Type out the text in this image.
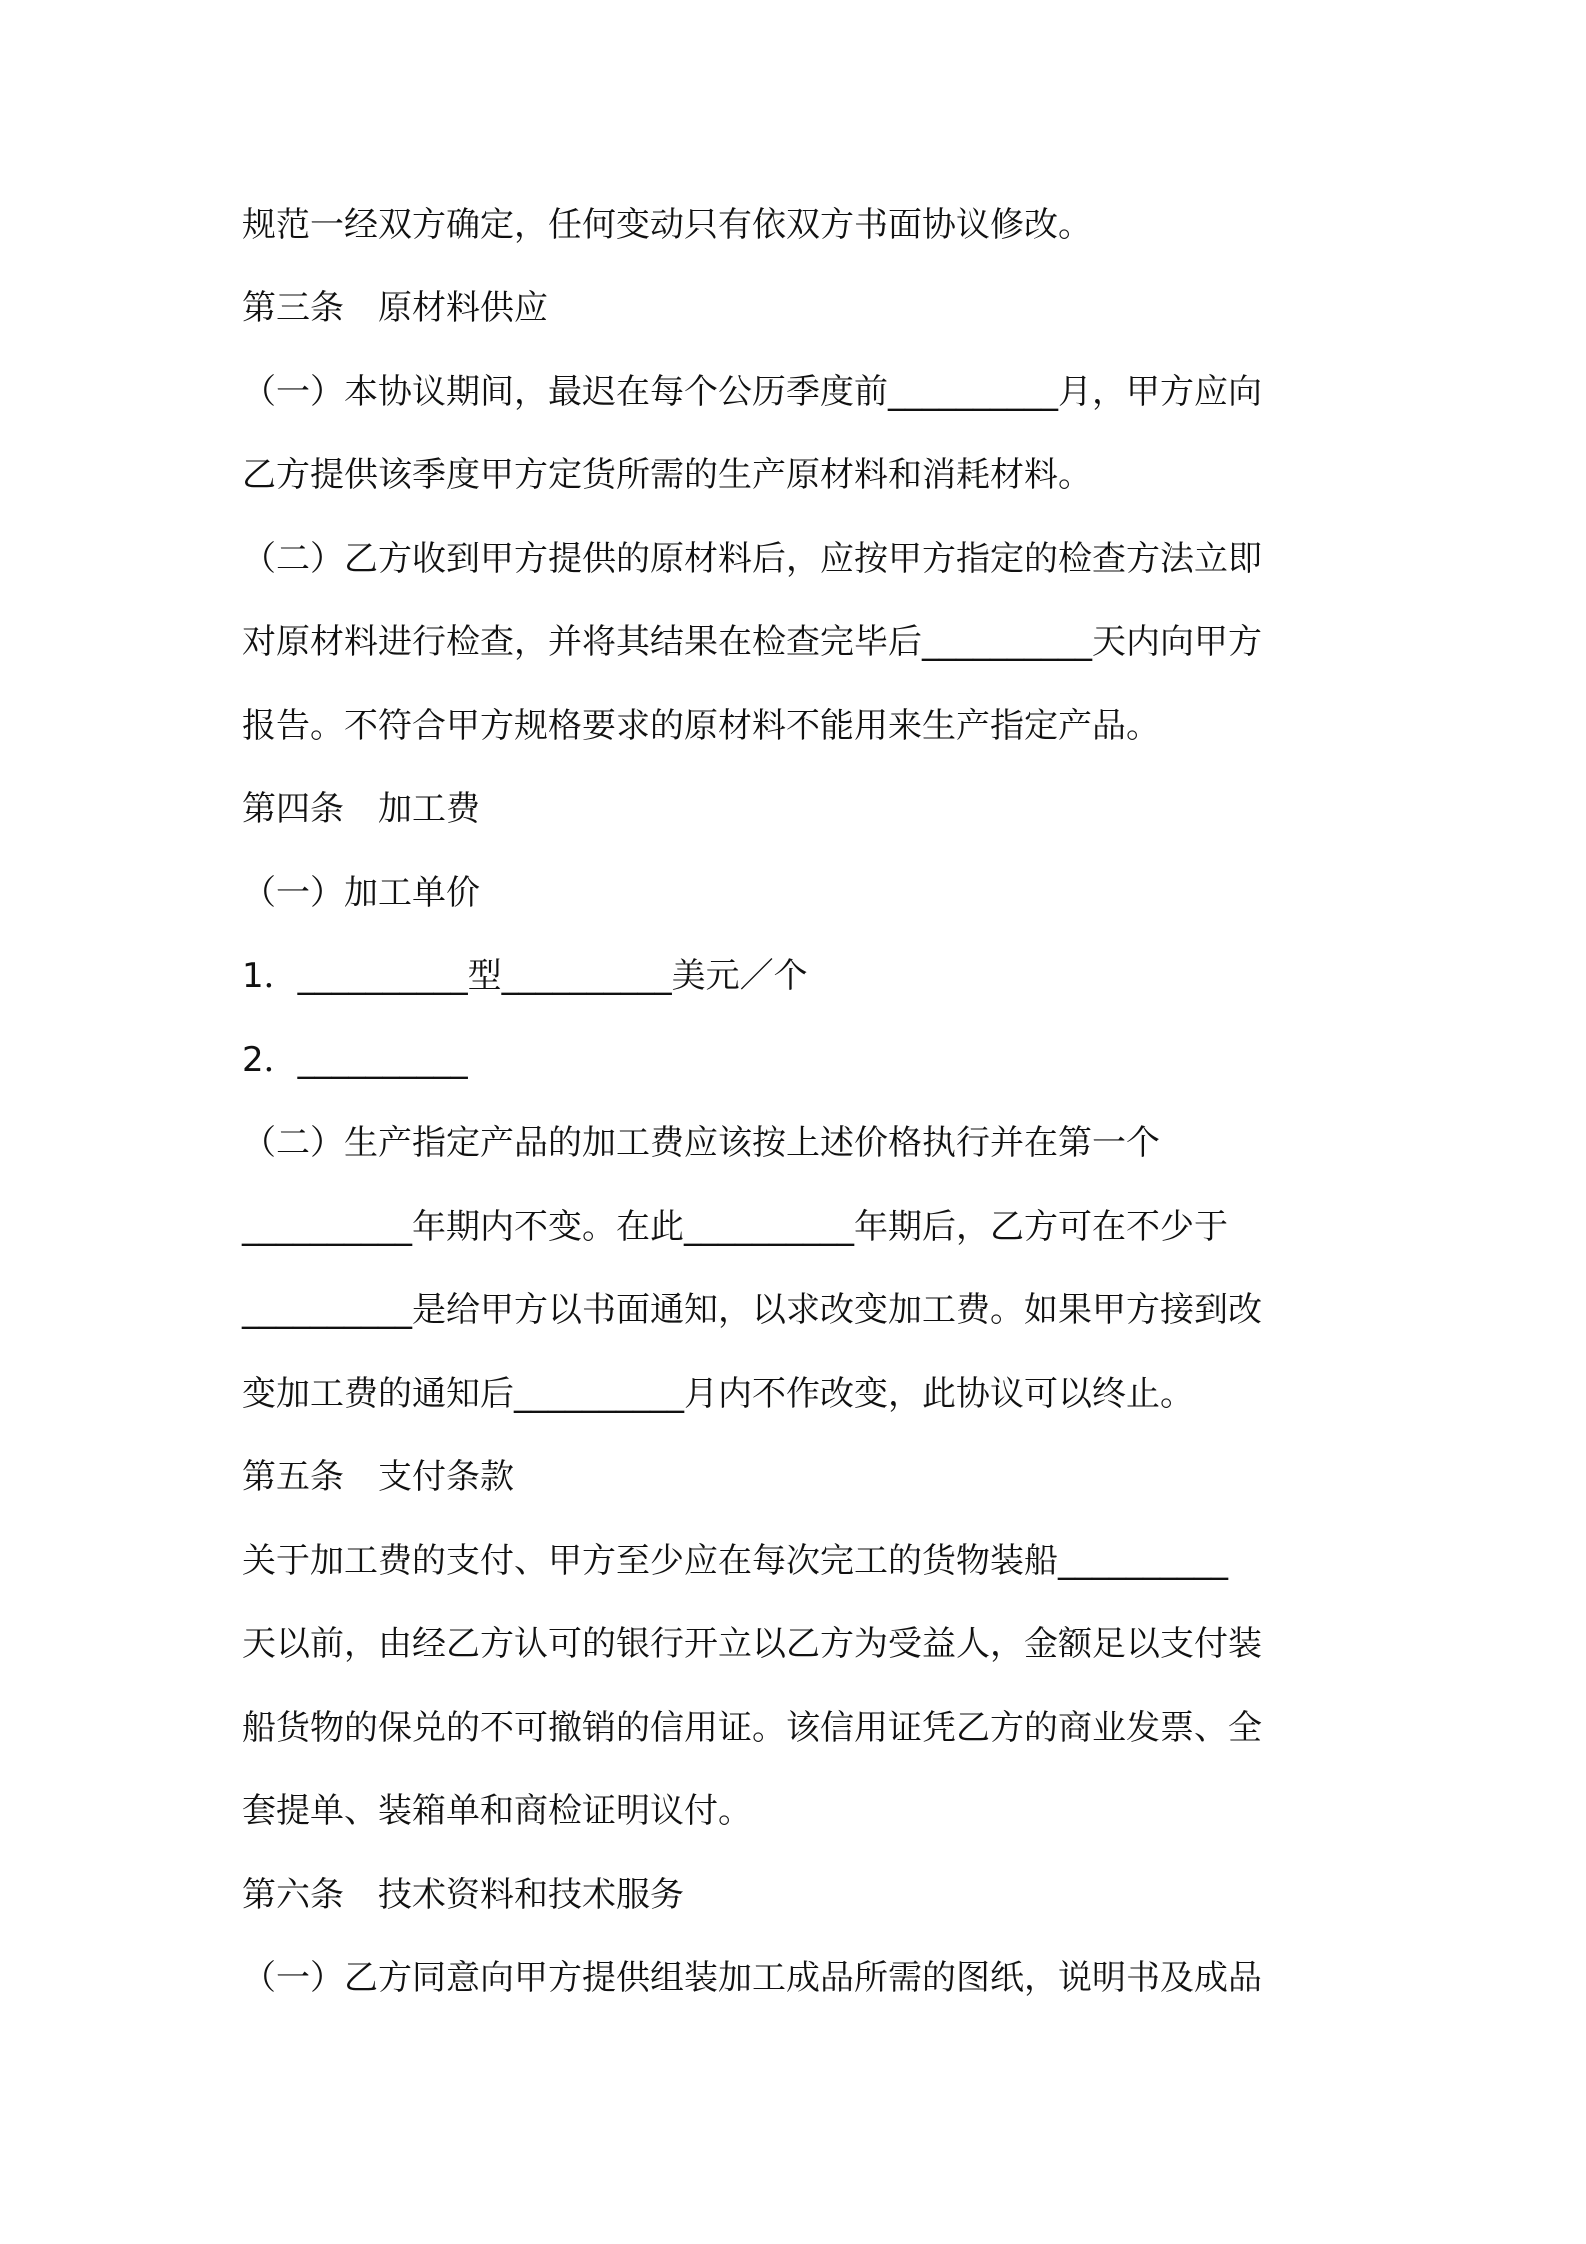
规范一经双方确定，任何变动只有依双方书面协议修改。
第三条　原材料供应
（一）本协议期间，最迟在每个公历季度前__________月，甲方应向
乙方提供该季度甲方定货所需的生产原材料和消耗材料。
（二）乙方收到甲方提供的原材料后，应按甲方指定的检查方法立即
对原材料进行检查，并将其结果在检查完毕后__________天内向甲方
报告。不符合甲方规格要求的原材料不能用来生产指定产品。
第四条　加工费
（一）加工单价
1．__________型__________美元／个
2．__________
（二）生产指定产品的加工费应该按上述价格执行并在第一个
__________年期内不变。在此__________年期后，乙方可在不少于
__________是给甲方以书面通知，以求改变加工费。如果甲方接到改
变加工费的通知后__________月内不作改变，此协议可以终止。
第五条　支付条款
关于加工费的支付、甲方至少应在每次完工的货物装船__________
天以前，由经乙方认可的银行开立以乙方为受益人，金额足以支付装
船货物的保兑的不可撤销的信用证。该信用证凭乙方的商业发票、全
套提单、装箱单和商检证明议付。
第六条　技术资料和技术服务
（一）乙方同意向甲方提供组装加工成品所需的图纸，说明书及成品
